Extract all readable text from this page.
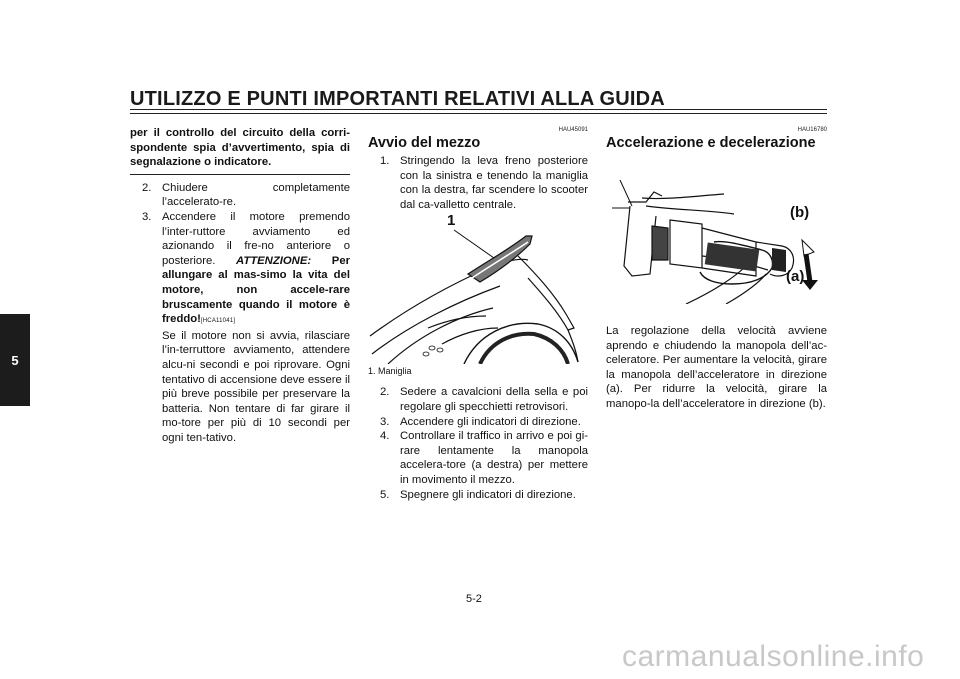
UTILIZZO E PUNTI IMPORTANTI RELATIVI ALLA GUIDA
5
per il controllo del circuito della corri-spondente spia d’avvertimento, spia di segnalazione o indicatore.
2. Chiudere completamente l’accelerato-re.
3. Accendere il motore premendo l’inter-ruttore avviamento ed azionando il fre-no anteriore o posteriore. ATTENZIONE: Per allungare al mas-simo la vita del motore, non accele-rare bruscamente quando il motore è freddo![HCA11041]
Se il motore non si avvia, rilasciare l’in-terruttore avviamento, attendere alcu-ni secondi e poi riprovare. Ogni tentativo di accensione deve essere il più breve possibile per preservare la batteria. Non tentare di far girare il mo-tore per più di 10 secondi per ogni ten-tativo.
HAU45091
Avvio del mezzo
1. Stringendo la leva freno posteriore con la sinistra e tenendo la maniglia con la destra, far scendere lo scooter dal ca-valletto centrale.
1
1. Maniglia
2. Sedere a cavalcioni della sella e poi regolare gli specchietti retrovisori.
3. Accendere gli indicatori di direzione.
4. Controllare il traffico in arrivo e poi gi-rare lentamente la manopola accelera-tore (a destra) per mettere in movimento il mezzo.
5. Spegnere gli indicatori di direzione.
HAU16780
Accelerazione e decelerazione
(b)
(a)
La regolazione della velocità avviene aprendo e chiudendo la manopola dell’ac-celeratore. Per aumentare la velocità, girare la manopola dell’acceleratore in direzione (a). Per ridurre la velocità, girare la manopo-la dell’acceleratore in direzione (b).
5-2
carmanualsonline.info
